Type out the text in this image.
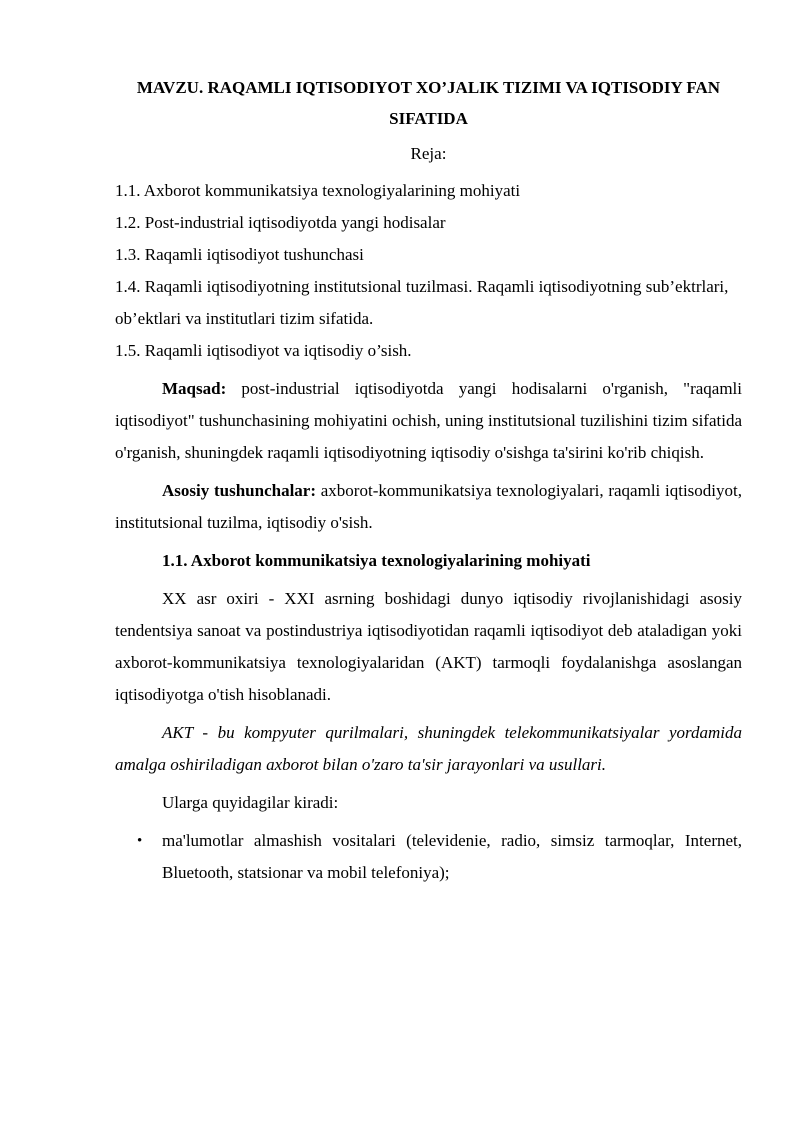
MAVZU. RAQAMLI IQTISODIYOT XO’JALIK TIZIMI VA IQTISODIY FAN SIFATIDA
Reja:
1.1. Axborot kommunikatsiya texnologiyalarining mohiyati
1.2. Post-industrial iqtisodiyotda yangi hodisalar
1.3. Raqamli iqtisodiyot tushunchasi
1.4. Raqamli iqtisodiyotning institutsional tuzilmasi. Raqamli iqtisodiyotning sub’ektrlari, ob’ektlari va institutlari tizim sifatida.
1.5. Raqamli iqtisodiyot va iqtisodiy o’sish.

Maqsad: post-industrial iqtisodiyotda yangi hodisalarni o'rganish, "raqamli iqtisodiyot" tushunchasining mohiyatini ochish, uning institutsional tuzilishini tizim sifatida o'rganish, shuningdek raqamli iqtisodiyotning iqtisodiy o'sishga ta'sirini ko'rib chiqish.

Asosiy tushunchalar: axborot-kommunikatsiya texnologiyalari, raqamli iqtisodiyot, institutsional tuzilma, iqtisodiy o'sish.

1.1. Axborot kommunikatsiya texnologiyalarining mohiyati

XX asr oxiri - XXI asrning boshidagi dunyo iqtisodiy rivojlanishidagi asosiy tendentsiya sanoat va postindustriya iqtisodiyotidan raqamli iqtisodiyot deb ataladigan yoki axborot-kommunikatsiya texnologiyalaridan (AKT) tarmoqli foydalanishga asoslangan iqtisodiyotga o'tish hisoblanadi.

AKT - bu kompyuter qurilmalari, shuningdek telekommunikatsiyalar yordamida amalga oshiriladigan axborot bilan o'zaro ta'sir jarayonlari va usullari.

Ularga quyidagilar kiradi:

• ma'lumotlar almashish vositalari (televidenie, radio, simsiz tarmoqlar, Internet, Bluetooth, statsionar va mobil telefoniya);
